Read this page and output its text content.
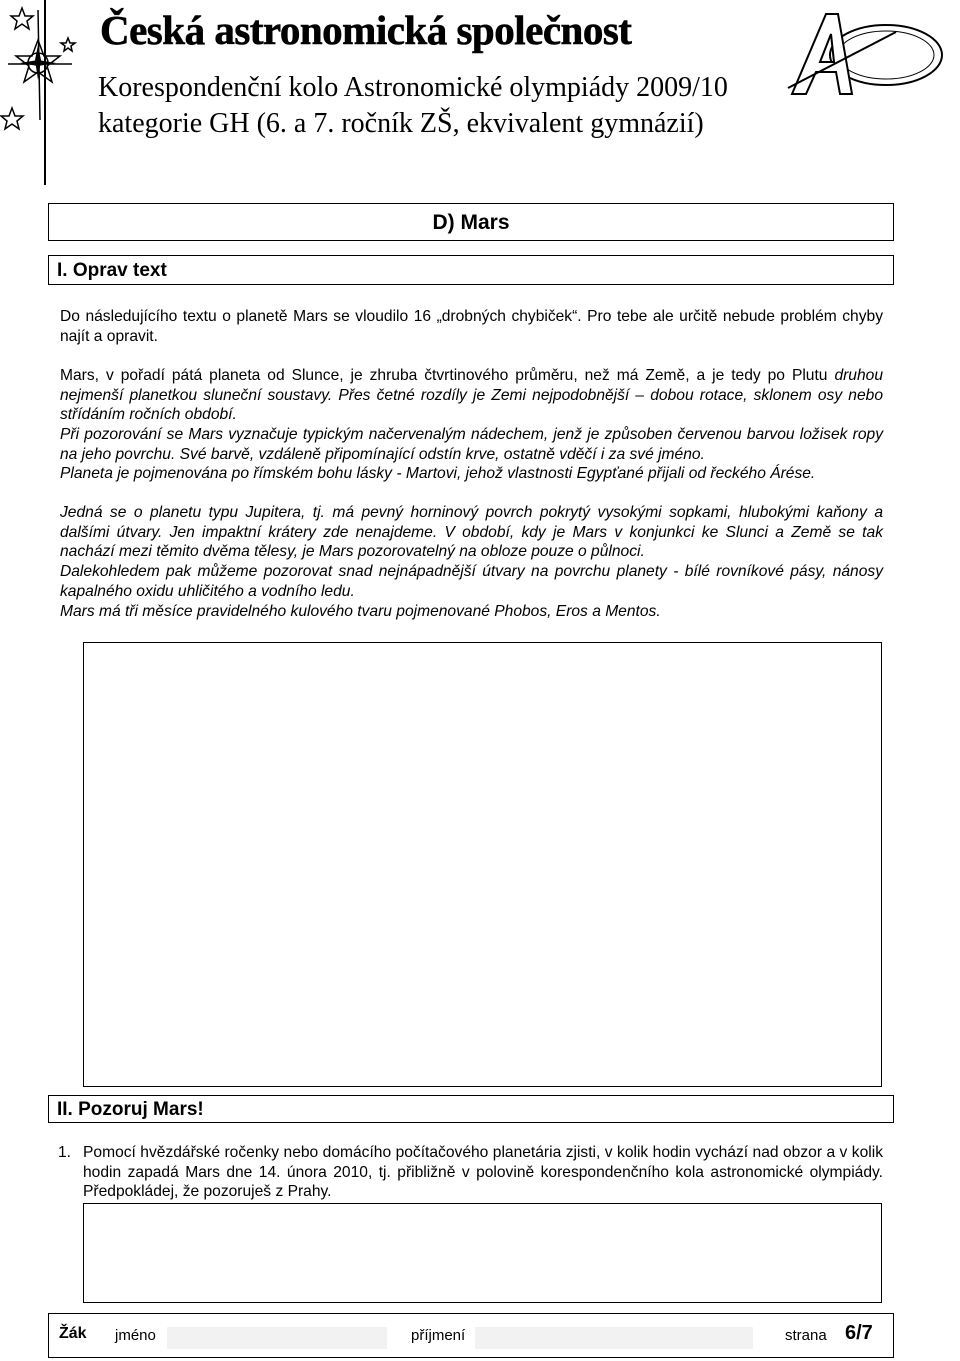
Česká astronomická společnost
Korespondenční kolo Astronomické olympiády 2009/10
kategorie GH (6. a 7. ročník ZŠ, ekvivalent gymnázií)
D) Mars
I. Oprav text
Do následujícího textu o planetě Mars se vloudilo 16 „drobných chybiček“. Pro tebe ale určitě nebude problém chyby najít a opravit.
Mars, v pořadí pátá planeta od Slunce, je zhruba čtvrtinového průměru, než má Země, a je tedy po Plutu druhou nejmenší planetkou sluneční soustavy. Přes četné rozdíly je Zemi nejpodobnější – dobou rotace, sklonem osy nebo střídáním ročních období.
Při pozorování se Mars vyznačuje typickým načervenalým nádechem, jenž je způsoben červenou barvou ložisek ropy na jeho povrchu. Své barvě, vzdáleně připomínající odstín krve, ostatně vděčí i za své jméno.
Planeta je pojmenována po římském bohu lásky - Martovi, jehož vlastnosti Egypťané přijali od řeckého Árése.
Jedná se o planetu typu Jupitera, tj. má pevný horninový povrch pokrytý vysokými sopkami, hlubokými kaňony a dalšími útvary. Jen impaktní krátery zde nenajdeme. V období, kdy je Mars v konjunkci ke Slunci a Země se tak nachází mezi těmito dvěma tělesy, je Mars pozorovatelný na obloze pouze o půlnoci.
Dalekohledem pak můžeme pozorovat snad nejnápadnější útvary na povrchu planety - bílé rovníkové pásy, nánosy kapalného oxidu uhličitého a vodního ledu.
Mars má tři měsíce pravidelného kulového tvaru pojmenované Phobos, Eros a Mentos.
II. Pozoruj Mars!
1. Pomocí hvězdářské ročenky nebo domácího počítačového planetária zjisti, v kolik hodin vychází nad obzor a v kolik hodin zapadá Mars dne 14. února 2010, tj. přibližně v polovině korespondenčního kola astronomické olympiády. Předpokládej, že pozoruješ z Prahy.
Žák jméno	příjmení	strana 6/7
